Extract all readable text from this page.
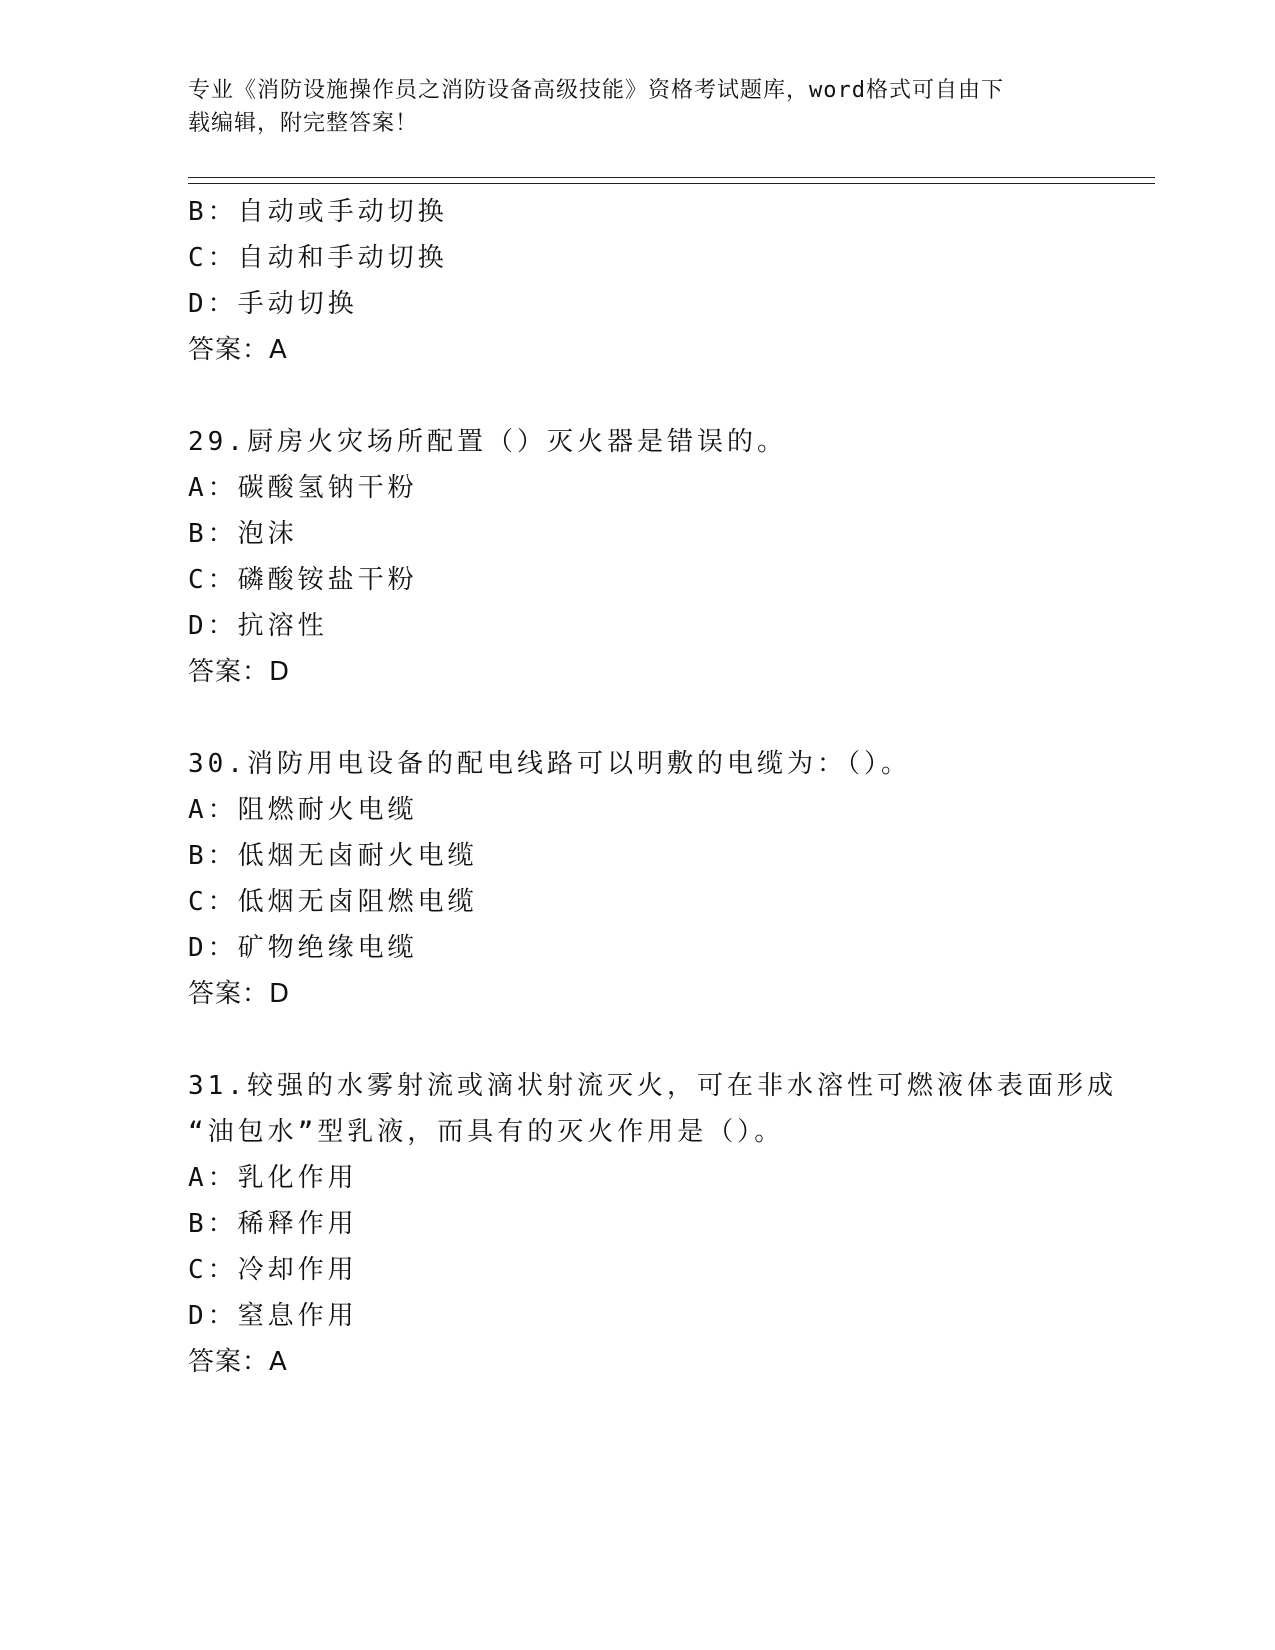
专业《消防设施操作员之消防设备高级技能》资格考试题库，word格式可自由下
载编辑，附完整答案！
B：自动或手动切换
C：自动和手动切换
D：手动切换
答案：A
29.厨房火灾场所配置（）灭火器是错误的。
A：碳酸氢钠干粉
B：泡沫
C：磷酸铵盐干粉
D：抗溶性
答案：D
30.消防用电设备的配电线路可以明敷的电缆为：（）。
A：阻燃耐火电缆
B：低烟无卤耐火电缆
C：低烟无卤阻燃电缆
D：矿物绝缘电缆
答案：D
31.较强的水雾射流或滴状射流灭火，可在非水溶性可燃液体表面形成
“油包水”型乳液，而具有的灭火作用是（）。
A：乳化作用
B：稀释作用
C：冷却作用
D：窒息作用
答案：A
